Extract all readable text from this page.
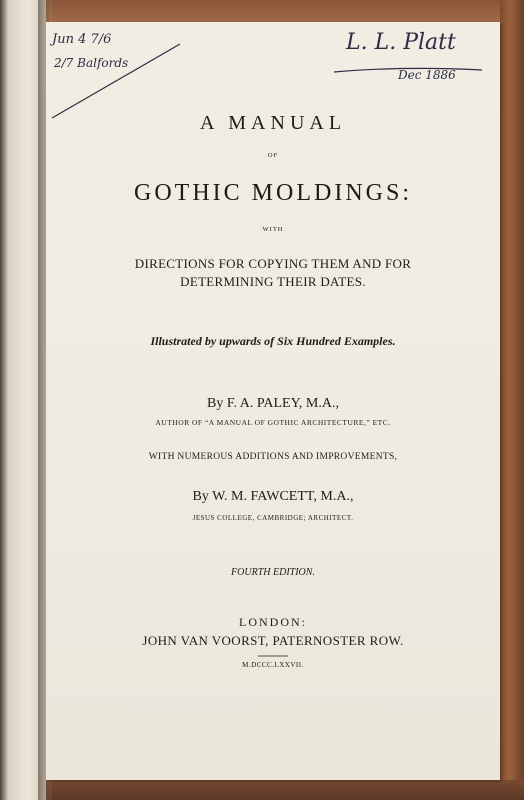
Jun 4 7/6
2/7 Balfords
L. L. Platt
Dec 1886
A MANUAL
OF
GOTHIC MOLDINGS:
WITH
DIRECTIONS FOR COPYING THEM AND FOR
DETERMINING THEIR DATES.
Illustrated by upwards of Six Hundred Examples.
By F. A. PALEY, M.A.,
AUTHOR OF “A MANUAL OF GOTHIC ARCHITECTURE,” ETC.
WITH NUMEROUS ADDITIONS AND IMPROVEMENTS,
By W. M. FAWCETT, M.A.,
JESUS COLLEGE, CAMBRIDGE; ARCHITECT.
FOURTH EDITION.
LONDON:
JOHN VAN VOORST, PATERNOSTER ROW.
M.DCCC.LXXVII.
